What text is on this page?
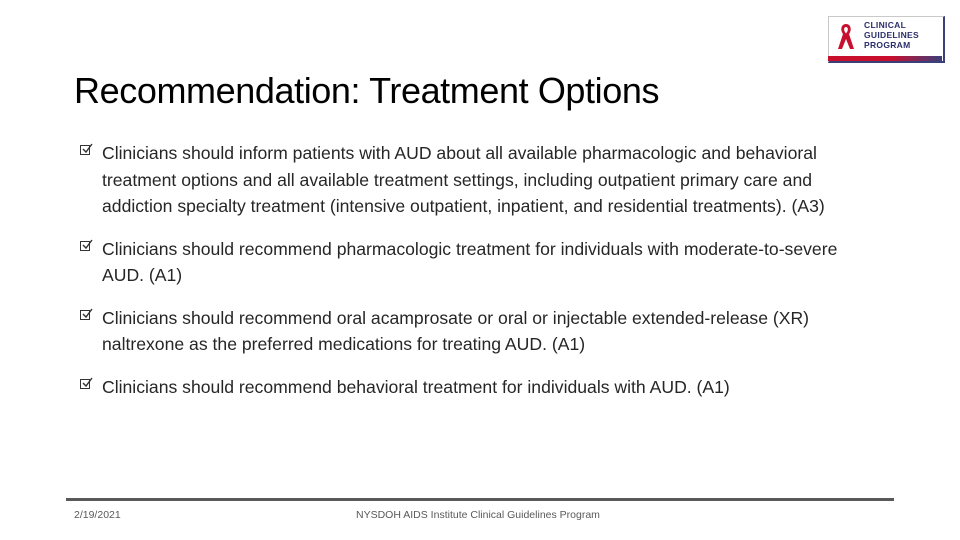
Recommendation: Treatment Options
CLINICAL
GUIDELINES
PROGRAM
Clinicians should inform patients with AUD about all available pharmacologic and behavioral treatment options and all available treatment settings, including outpatient primary care and addiction specialty treatment (intensive outpatient, inpatient, and residential treatments). (A3)
Clinicians should recommend pharmacologic treatment for individuals with moderate-to-severe AUD. (A1)
Clinicians should recommend oral acamprosate or oral or injectable extended-release (XR) naltrexone as the preferred medications for treating AUD. (A1)
Clinicians should recommend behavioral treatment for individuals with AUD. (A1)
2/19/2021	NYSDOH AIDS Institute Clinical Guidelines Program
